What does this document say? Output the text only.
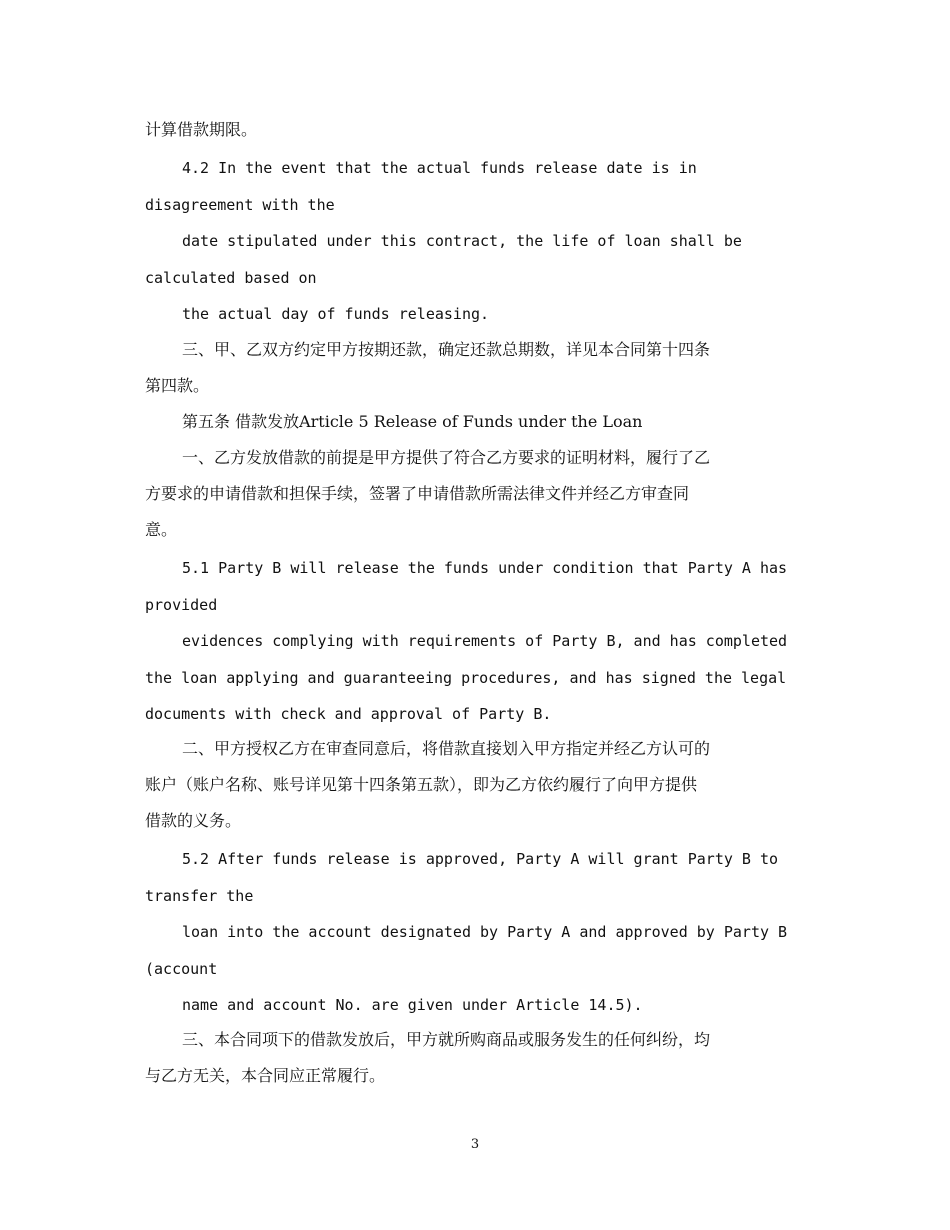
计算借款期限。

4.2 In the event that the actual funds release date is in

disagreement with the

date stipulated under this contract, the life of loan shall be

calculated based on

the actual day of funds releasing.

三、甲、乙双方约定甲方按期还款，确定还款总期数，详见本合同第十四条

第四款。

第五条 借款发放Article 5 Release of Funds under the Loan

一、乙方发放借款的前提是甲方提供了符合乙方要求的证明材料，履行了乙

方要求的申请借款和担保手续，签署了申请借款所需法律文件并经乙方审查同

意。

5.1 Party B will release the funds under condition that Party A has

provided

evidences complying with requirements of Party B, and has completed

the loan applying and guaranteeing procedures, and has signed the legal

documents with check and approval of Party B.

二、甲方授权乙方在审查同意后，将借款直接划入甲方指定并经乙方认可的

账户（账户名称、账号详见第十四条第五款），即为乙方依约履行了向甲方提供

借款的义务。

5.2 After funds release is approved, Party A will grant Party B to

transfer the

loan into the account designated by Party A and approved by Party B

(account

name and account No. are given under Article 14.5).

三、本合同项下的借款发放后，甲方就所购商品或服务发生的任何纠纷，均

与乙方无关，本合同应正常履行。

3
